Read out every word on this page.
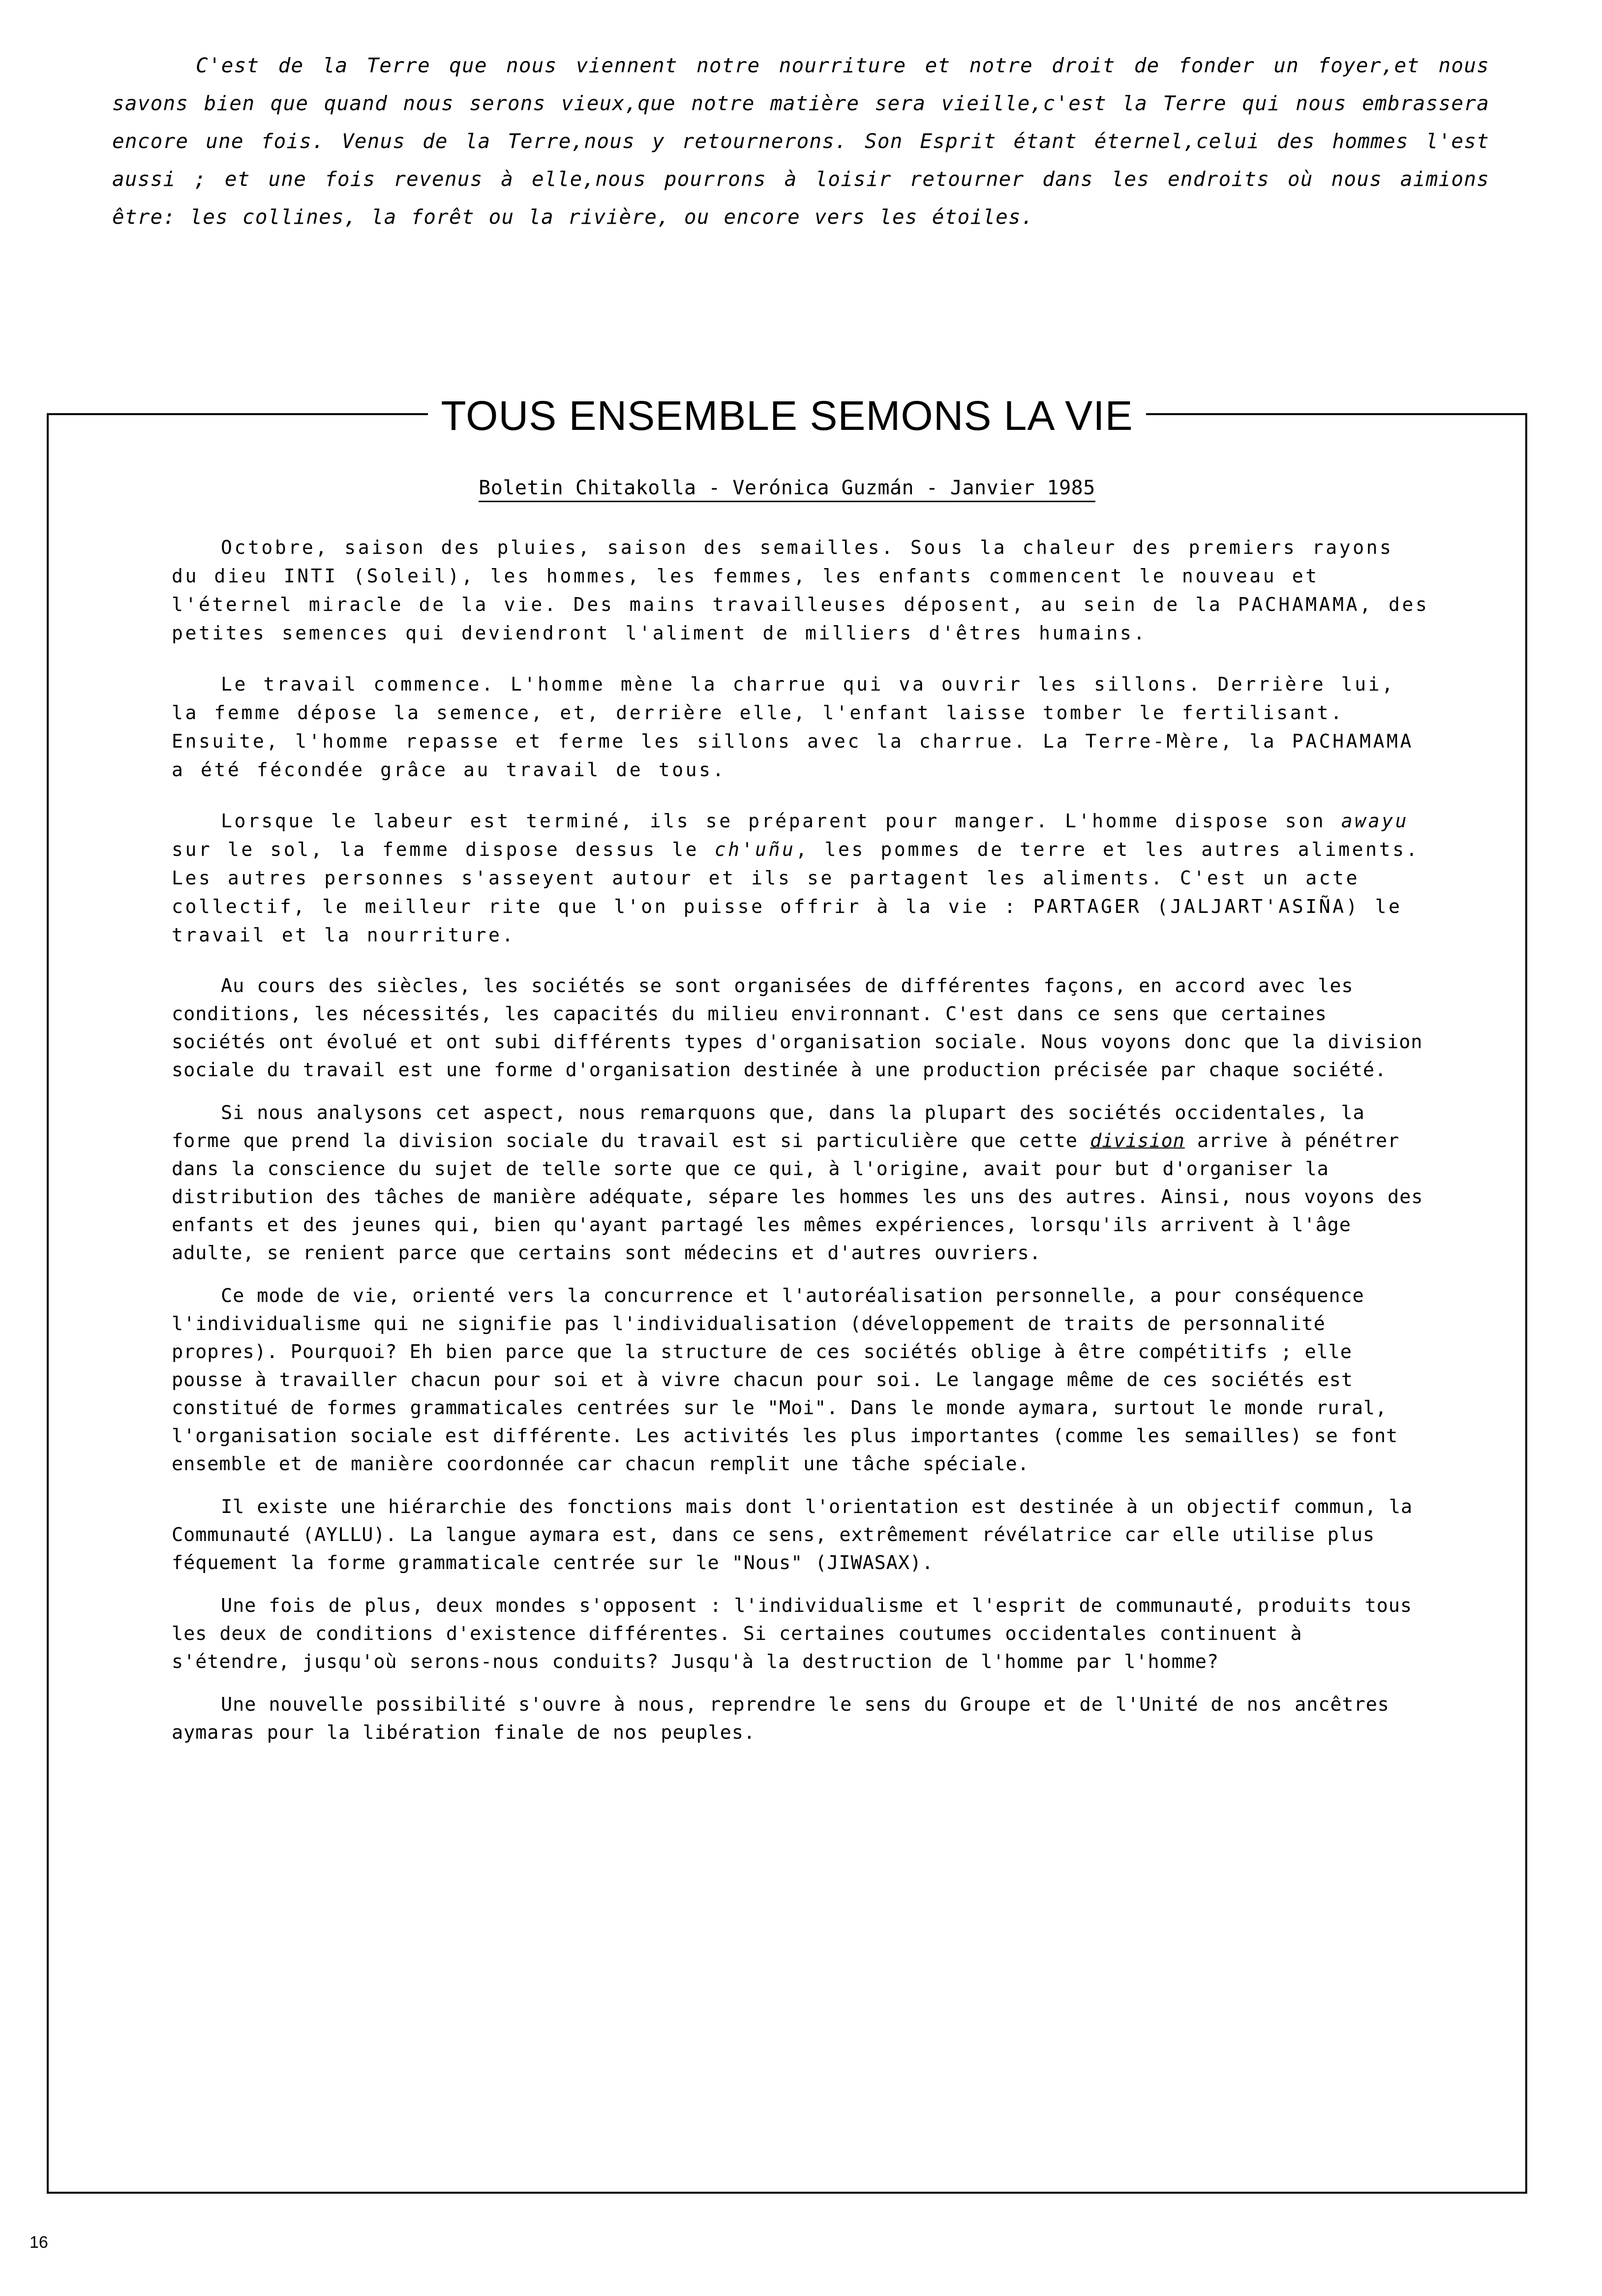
C'est de la Terre que nous viennent notre nourriture et notre droit de fonder un foyer,et nous savons bien que quand nous serons vieux,que notre matière sera vieille,c'est la Terre qui nous embrassera encore une fois. Venus de la Terre,nous y retournerons. Son Esprit étant éternel,celui des hommes l'est aussi ; et une fois revenus à elle,nous pourrons à loisir retourner dans les endroits où nous aimions être: les collines, la forêt ou la rivière, ou encore vers les étoiles.

Boletin Chitakolla - Verónica Guzmán - Janvier 1985

Octobre, saison des pluies, saison des semailles. Sous la chaleur des premiers rayons du dieu INTI (Soleil), les hommes, les femmes, les enfants commencent le nouveau et l'éternel miracle de la vie. Des mains travailleuses déposent, au sein de la PACHAMAMA, des petites semences qui deviendront l'aliment de milliers d'êtres humains.

Le travail commence. L'homme mène la charrue qui va ouvrir les sillons. Derrière lui, la femme dépose la semence, et, derrière elle, l'enfant laisse tomber le fertilisant. Ensuite, l'homme repasse et ferme les sillons avec la charrue. La Terre-Mère, la PACHAMAMA a été fécondée grâce au travail de tous.

Lorsque le labeur est terminé, ils se préparent pour manger. L'homme dispose son awayu sur le sol, la femme dispose dessus le ch'uñu, les pommes de terre et les autres aliments. Les autres personnes s'asseyent autour et ils se partagent les aliments. C'est un acte collectif, le meilleur rite que l'on puisse offrir à la vie : PARTAGER (JALJART'ASIÑA) le travail et la nourriture.

Au cours des siècles, les sociétés se sont organisées de différentes façons, en accord avec les conditions, les nécessités, les capacités du milieu environnant. C'est dans ce sens que certaines sociétés ont évolué et ont subi différents types d'organisation sociale. Nous voyons donc que la division sociale du travail est une forme d'organisation destinée à une production précisée par chaque société.

Si nous analysons cet aspect, nous remarquons que, dans la plupart des sociétés occidentales, la forme que prend la division sociale du travail est si particulière que cette division arrive à pénétrer dans la conscience du sujet de telle sorte que ce qui, à l'origine, avait pour but d'organiser la distribution des tâches de manière adéquate, sépare les hommes les uns des autres. Ainsi, nous voyons des enfants et des jeunes qui, bien qu'ayant partagé les mêmes expériences, lorsqu'ils arrivent à l'âge adulte, se renient parce que certains sont médecins et d'autres ouvriers.

Ce mode de vie, orienté vers la concurrence et l'autoréalisation personnelle, a pour conséquence l'individualisme qui ne signifie pas l'individualisation (développement de traits de personnalité propres). Pourquoi? Eh bien parce que la structure de ces sociétés oblige à être compétitifs ; elle pousse à travailler chacun pour soi et à vivre chacun pour soi. Le langage même de ces sociétés est constitué de formes grammaticales centrées sur le "Moi". Dans le monde aymara, surtout le monde rural, l'organisation sociale est différente. Les activités les plus importantes (comme les semailles) se font ensemble et de manière coordonnée car chacun remplit une tâche spéciale.

Il existe une hiérarchie des fonctions mais dont l'orientation est destinée à un objectif commun, la Communauté (AYLLU). La langue aymara est, dans ce sens, extrêmement révélatrice car elle utilise plus féquement la forme grammaticale centrée sur le "Nous" (JIWASAX).

Une fois de plus, deux mondes s'opposent : l'individualisme et l'esprit de communauté, produits tous les deux de conditions d'existence différentes. Si certaines coutumes occidentales continuent à s'étendre, jusqu'où serons-nous conduits? Jusqu'à la destruction de l'homme par l'homme?

Une nouvelle possibilité s'ouvre à nous, reprendre le sens du Groupe et de l'Unité de nos ancêtres aymaras pour la libération finale de nos peuples.

TOUS ENSEMBLE SEMONS LA VIE
16
